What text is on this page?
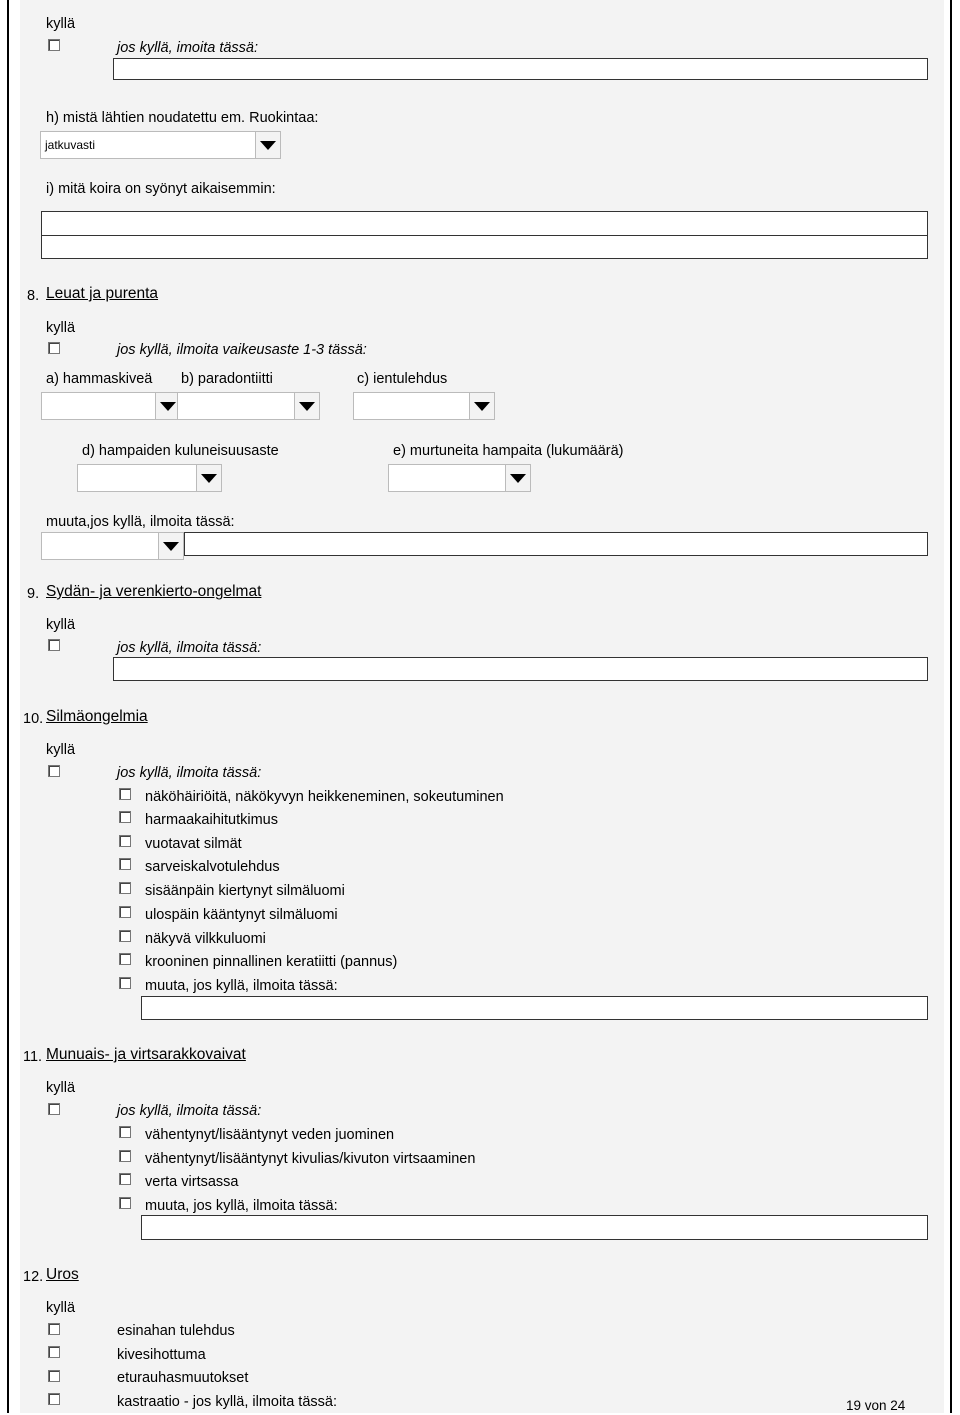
kyllä
jos kyllä, imoita tässä:
h) mistä lähtien noudatettu em. Ruokintaa:
jatkuvasti
i) mitä koira on syönyt aikaisemmin:
8. Leuat ja purenta
kyllä
jos kyllä, ilmoita vaikeusaste 1-3 tässä:
a) hammaskiveä b) paradontiitti	c) ientulehdus
d) hampaiden kuluneisuusaste	e) murtuneita hampaita (lukumäärä)
muuta,jos kyllä, ilmoita tässä:
9. Sydän- ja verenkierto-ongelmat
kyllä
jos kyllä, ilmoita tässä:
10. Silmäongelmia
kyllä
jos kyllä, ilmoita tässä:
näköhäiriöitä, näkökyvyn heikkeneminen, sokeutuminen
harmaakaihitutkimus
vuotavat silmät
sarveiskalvotulehdus
sisäänpäin kiertynyt silmäluomi
ulospäin kääntynyt silmäluomi
näkyvä vilkkuluomi
krooninen pinnallinen keratiitti (pannus)
muuta, jos kyllä, ilmoita tässä:
11. Munuais- ja virtsarakkovaivat
kyllä
jos kyllä, ilmoita tässä:
vähentynyt/lisääntynyt veden juominen
vähentynyt/lisääntynyt kivulias/kivuton virtsaaminen
verta virtsassa
muuta, jos kyllä, ilmoita tässä:
12. Uros
kyllä
esinahan tulehdus
kivesihottuma
eturauhasmuutokset
kastraatio - jos kyllä, ilmoita tässä:	19 von 24
